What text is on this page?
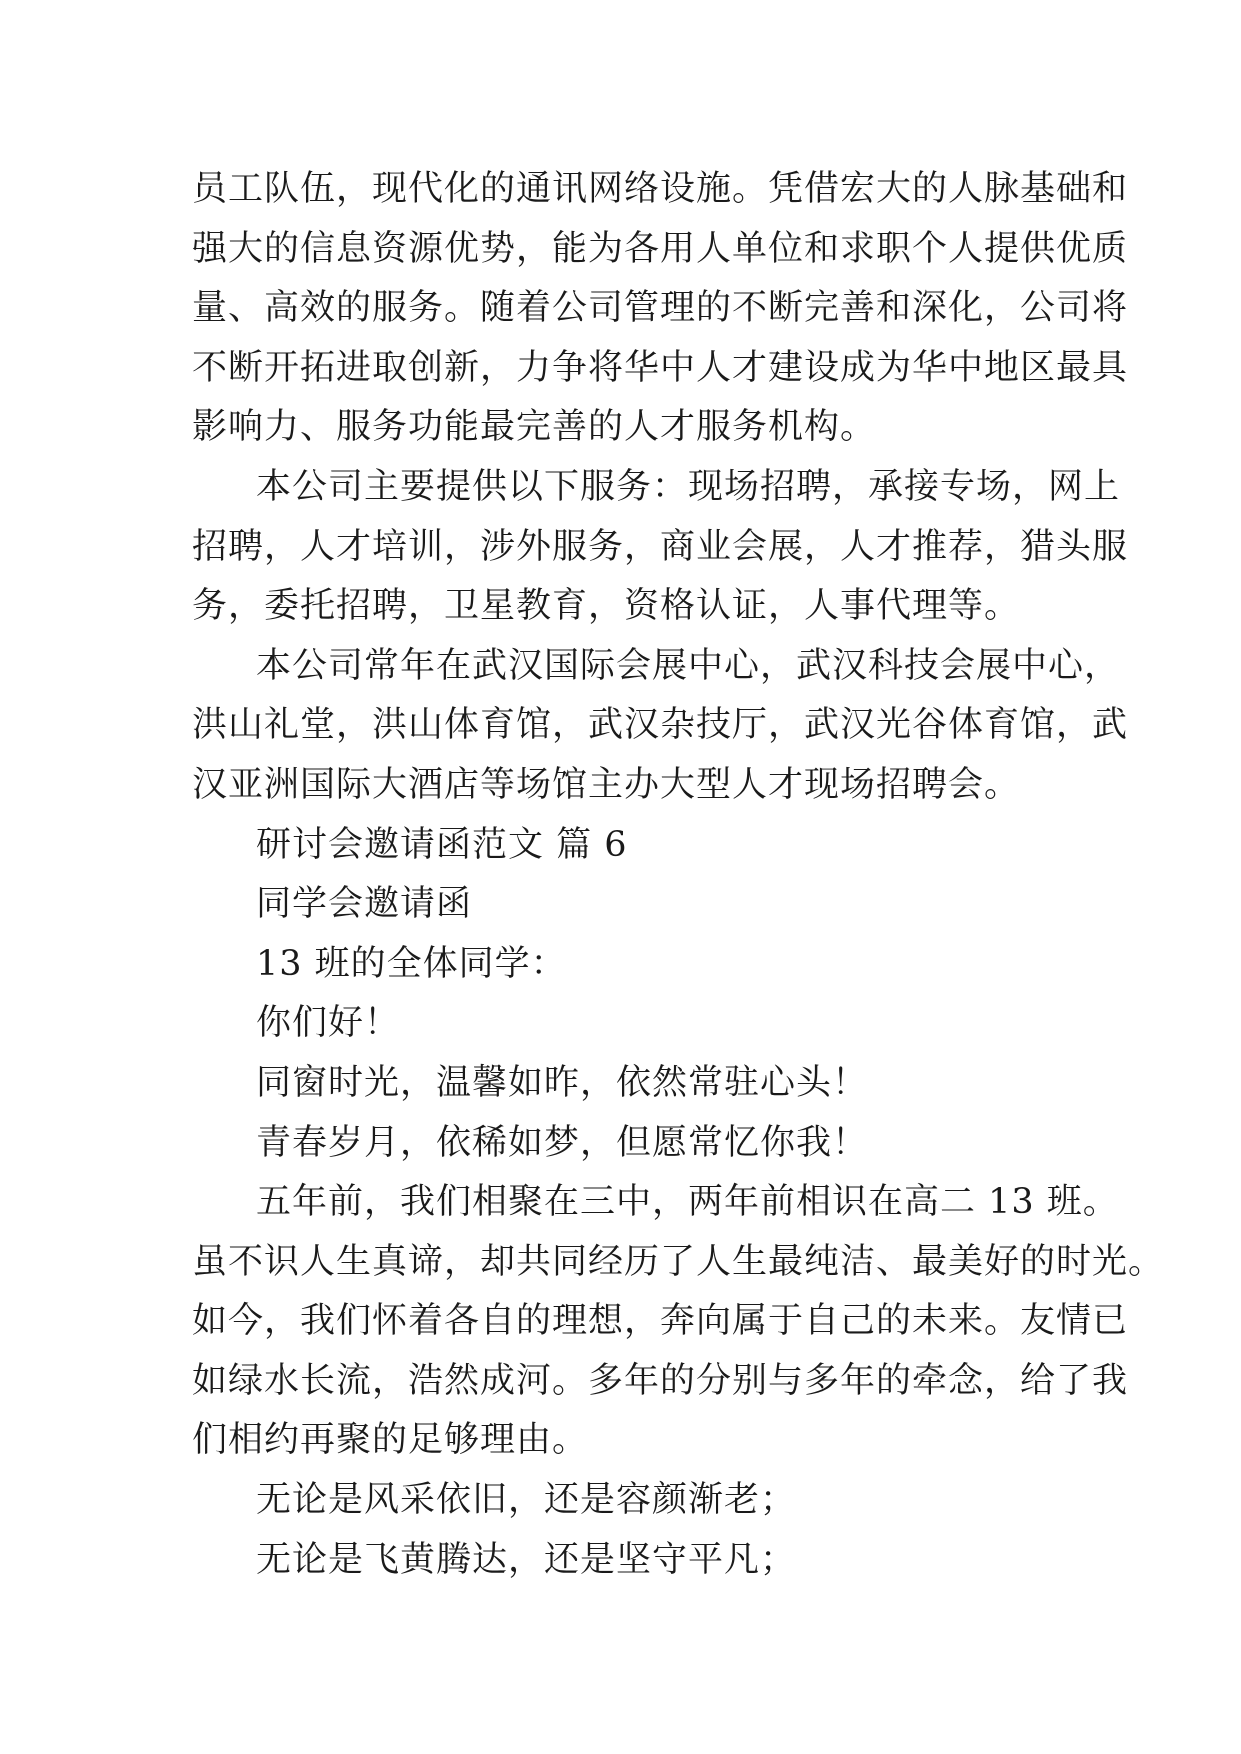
员工队伍，现代化的通讯网络设施。凭借宏大的人脉基础和
强大的信息资源优势，能为各用人单位和求职个人提供优质
量、高效的服务。随着公司管理的不断完善和深化，公司将
不断开拓进取创新，力争将华中人才建设成为华中地区最具
影响力、服务功能最完善的人才服务机构。
本公司主要提供以下服务：现场招聘，承接专场，网上
招聘，人才培训，涉外服务，商业会展，人才推荐，猎头服
务，委托招聘，卫星教育，资格认证，人事代理等。
本公司常年在武汉国际会展中心，武汉科技会展中心，
洪山礼堂，洪山体育馆，武汉杂技厅，武汉光谷体育馆，武
汉亚洲国际大酒店等场馆主办大型人才现场招聘会。
研讨会邀请函范文 篇 6
同学会邀请函
13 班的全体同学：
你们好！
同窗时光，温馨如昨，依然常驻心头！
青春岁月，依稀如梦，但愿常忆你我！
五年前，我们相聚在三中，两年前相识在高二 13 班。
虽不识人生真谛，却共同经历了人生最纯洁、最美好的时光。
如今，我们怀着各自的理想，奔向属于自己的未来。友情已
如绿水长流，浩然成河。多年的分别与多年的牵念，给了我
们相约再聚的足够理由。
无论是风采依旧，还是容颜渐老；
无论是飞黄腾达，还是坚守平凡；
